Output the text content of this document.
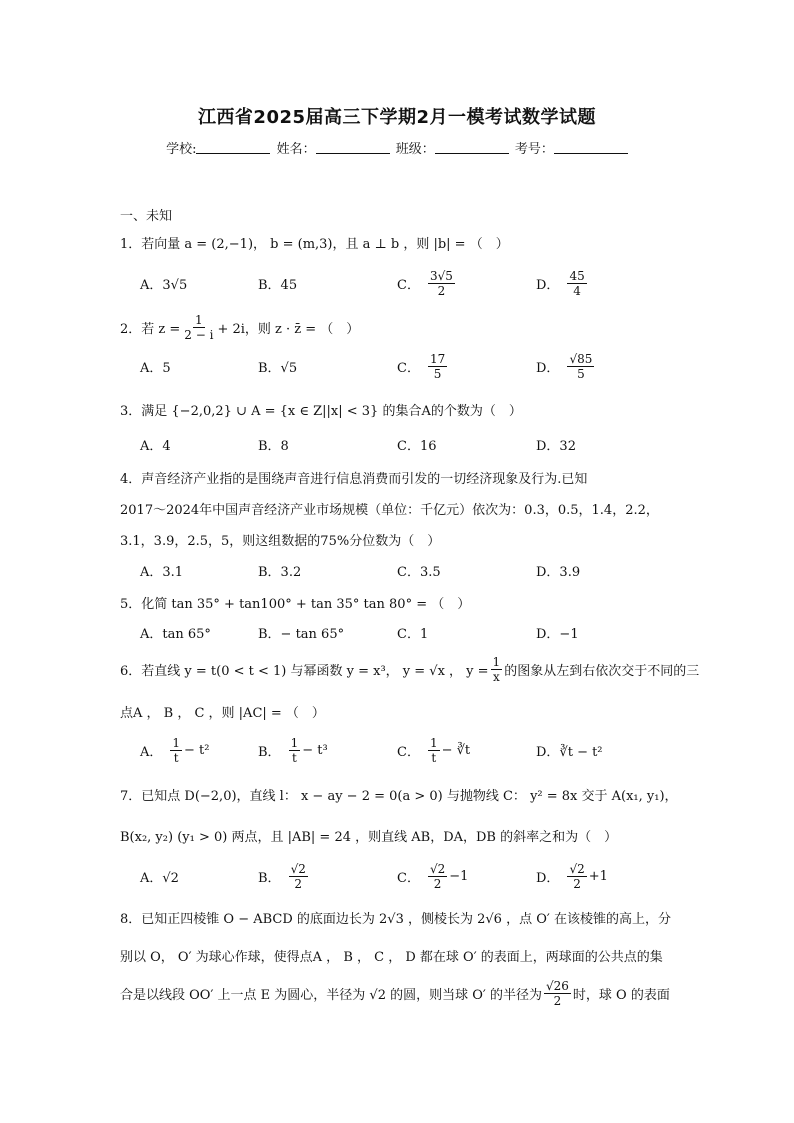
江西省2025届高三下学期2月一模考试数学试题
学校:	姓名：	班级：	考号：
一、未知
1．若向量 a = (2,−1)， b = (m,3)，且 a ⊥ b ，则 |b| = （　）
A．3√5	B．45	C． $\frac{3√5}{2}$	D． $\frac{45}{4}$
2．若 $z = \frac{1}{2 - i} + 2i$，则 z · z̄ = （　）
A．5	B．√5	C． $\frac{17}{5}$	D． $\frac{√85}{5}$
3．满足 {−2,0,2} ∪ A = {x ∈ Z||x| < 3} 的集合A的个数为（　）
A．4	B．8	C．16	D．32
4．声音经济产业指的是围绕声音进行信息消费而引发的一切经济现象及行为.已知
2017～2024年中国声音经济产业市场规模（单位：千亿元）依次为：0.3，0.5，1.4，2.2，
3.1，3.9，2.5，5，则这组数据的75%分位数为（　）
A．3.1	B．3.2	C．3.5	D．3.9
5．化简 tan 35° + tan100° + tan 35° tan 80° = （　）
A．tan 65°	B．− tan 65°	C．1	D．−1
6．若直线 y = t(0 < t < 1) 与幂函数 y = x³， y = √x ， $y = \frac{1}{x}$ 的图象从左到右依次交于不同的三
点A ， B ， C ，则 |AC| = （　）
A． $\frac{1}{t} - t^2$	B． $\frac{1}{t} - t^3$	C． $\frac{1}{t}$ − ∛t	D．∛t − t²
7．已知点 D(−2,0)，直线 l： x − ay − 2 = 0(a > 0) 与抛物线 C： y² = 8x 交于 A(x₁, y₁)，
B(x₂, y₂) (y₁ > 0) 两点，且 |AB| = 24 ，则直线 AB，DA，DB 的斜率之和为（　）
A．√2	B． $\frac{√2}{2}$	C． $\frac{√2}{2} -1$	D． $\frac{√2}{2} +1$
8．已知正四棱锥 O − ABCD 的底面边长为 2√3 ，侧棱长为 2√6 ，点 O′ 在该棱锥的高上，分
别以 O， O′ 为球心作球，使得点A ， B ， C ， D 都在球 O′ 的表面上，两球面的公共点的集
合是以线段 OO′ 上一点 E 为圆心，半径为 √2 的圆，则当球 O′ 的半径为 $\frac{√26}{2}$ 时，球 O 的表面
